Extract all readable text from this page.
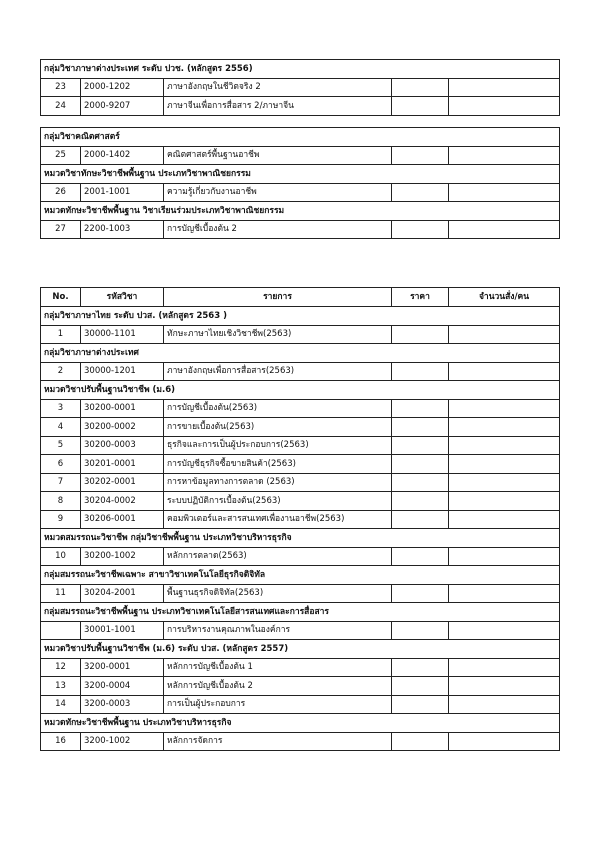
กลุ่มวิชาภาษาต่างประเทศ ระดับ ปวช. (หลักสูตร 2556)				
23	2000-1202	ภาษาอังกฤษในชีวิตจริง 2		
24	2000-9207	ภาษาจีนเพื่อการสื่อสาร 2/ภาษาจีน		
กลุ่มวิชาคณิตศาสตร์				
25	2000-1402	คณิตศาสตร์พื้นฐานอาชีพ		
หมวดวิชาทักษะวิชาชีพพื้นฐาน ประเภทวิชาพาณิชยกรรม				
26	2001-1001	ความรู้เกี่ยวกับงานอาชีพ		
หมวดทักษะวิชาชีพพื้นฐาน วิชาเรียนร่วมประเภทวิชาพาณิชยกรรม				
27	2200-1003	การบัญชีเบื้องต้น 2		
No.	รหัสวิชา	รายการ	ราคา	จำนวนสั่ง/คน
กลุ่มวิชาภาษาไทย ระดับ ปวส. (หลักสูตร 2563 )				
1	30000-1101	ทักษะภาษาไทยเชิงวิชาชีพ(2563)		
กลุ่มวิชาภาษาต่างประเทศ				
2	30000-1201	ภาษาอังกฤษเพื่อการสื่อสาร(2563)		
หมวดวิชาปรับพื้นฐานวิชาชีพ (ม.6)				
3	30200-0001	การบัญชีเบื้องต้น(2563)		
4	30200-0002	การขายเบื้องต้น(2563)		
5	30200-0003	ธุรกิจและการเป็นผู้ประกอบการ(2563)		
6	30201-0001	การบัญชีธุรกิจซื้อขายสินค้า(2563)		
7	30202-0001	การหาข้อมูลทางการตลาด (2563)		
8	30204-0002	ระบบปฏิบัติการเบื้องต้น(2563)		
9	30206-0001	คอมพิวเตอร์และสารสนเทศเพื่องานอาชีพ(2563)		
หมวดสมรรถนะวิชาชีพ กลุ่มวิชาชีพพื้นฐาน ประเภทวิชาบริหารธุรกิจ				
10	30200-1002	หลักการตลาด(2563)		
กลุ่มสมรรถนะวิชาชีพเฉพาะ สาขาวิชาเทคโนโลยีธุรกิจดิจิทัล				
11	30204-2001	พื้นฐานธุรกิจดิจิทัล(2563)		
กลุ่มสมรรถนะวิชาชีพพื้นฐาน ประเภทวิชาเทคโนโลยีสารสนเทศและการสื่อสาร				
	30001-1001	การบริหารงานคุณภาพในองค์การ		
หมวดวิชาปรับพื้นฐานวิชาชีพ (ม.6) ระดับ ปวส. (หลักสูตร 2557)				
12	3200-0001	หลักการบัญชีเบื้องต้น 1		
13	3200-0004	หลักการบัญชีเบื้องต้น 2		
14	3200-0003	การเป็นผู้ประกอบการ		
หมวดทักษะวิชาชีพพื้นฐาน ประเภทวิชาบริหารธุรกิจ				
16	3200-1002	หลักการจัดการ		
